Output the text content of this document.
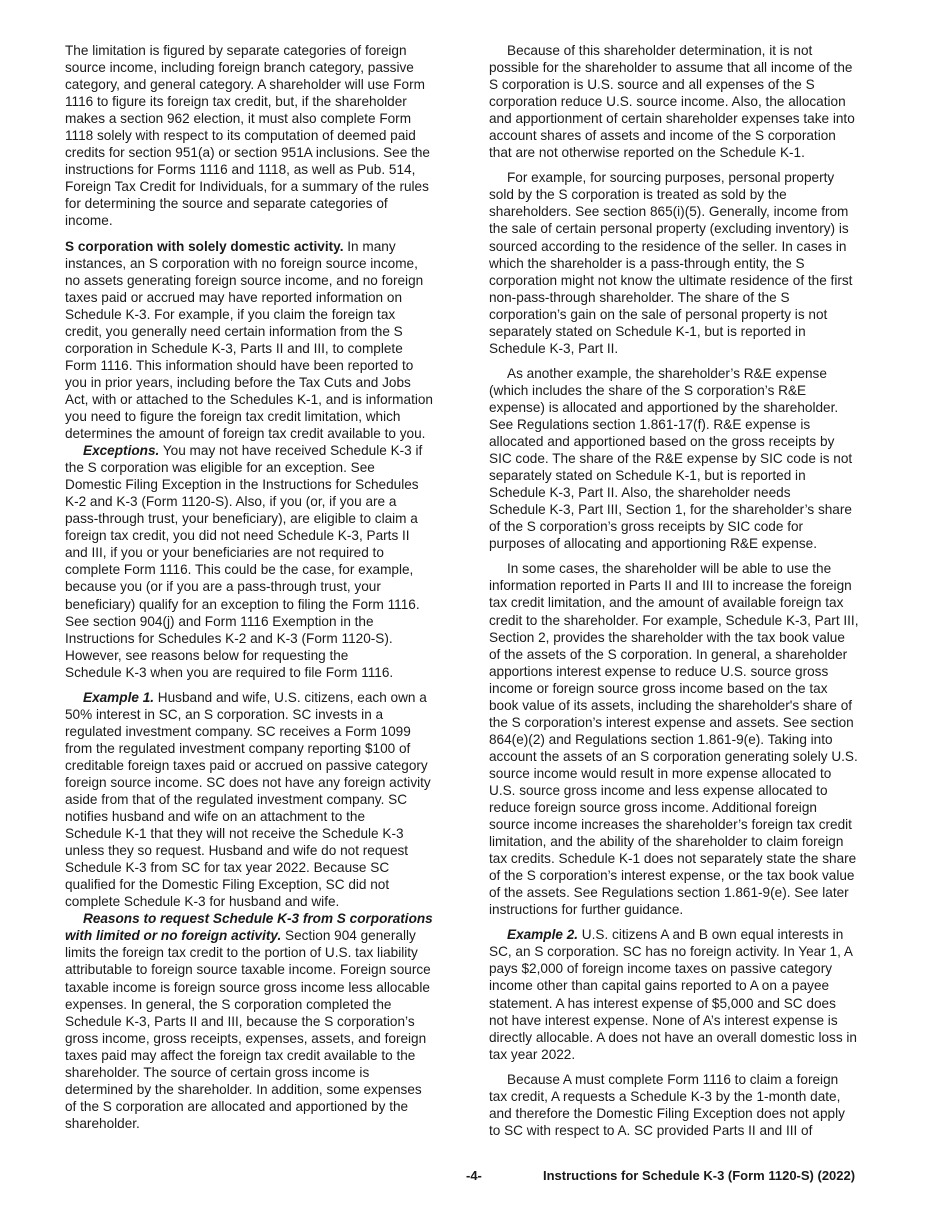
The limitation is figured by separate categories of foreign
source income, including foreign branch category, passive
category, and general category. A shareholder will use Form
1116 to figure its foreign tax credit, but, if the shareholder
makes a section 962 election, it must also complete Form
1118 solely with respect to its computation of deemed paid
credits for section 951(a) or section 951A inclusions. See the
instructions for Forms 1116 and 1118, as well as Pub. 514,
Foreign Tax Credit for Individuals, for a summary of the rules
for determining the source and separate categories of
income.

S corporation with solely domestic activity. In many
instances, an S corporation with no foreign source income,
no assets generating foreign source income, and no foreign
taxes paid or accrued may have reported information on
Schedule K-3. For example, if you claim the foreign tax
credit, you generally need certain information from the S
corporation in Schedule K-3, Parts II and III, to complete
Form 1116. This information should have been reported to
you in prior years, including before the Tax Cuts and Jobs
Act, with or attached to the Schedules K-1, and is information
you need to figure the foreign tax credit limitation, which
determines the amount of foreign tax credit available to you.

Exceptions. You may not have received Schedule K-3 if
the S corporation was eligible for an exception. See
Domestic Filing Exception in the Instructions for Schedules
K-2 and K-3 (Form 1120-S). Also, if you (or, if you are a
pass-through trust, your beneficiary), are eligible to claim a
foreign tax credit, you did not need Schedule K-3, Parts II
and III, if you or your beneficiaries are not required to
complete Form 1116. This could be the case, for example,
because you (or if you are a pass-through trust, your
beneficiary) qualify for an exception to filing the Form 1116.
See section 904(j) and Form 1116 Exemption in the
Instructions for Schedules K-2 and K-3 (Form 1120-S).
However, see reasons below for requesting the
Schedule K-3 when you are required to file Form 1116.

Example 1. Husband and wife, U.S. citizens, each own a
50% interest in SC, an S corporation. SC invests in a
regulated investment company. SC receives a Form 1099
from the regulated investment company reporting $100 of
creditable foreign taxes paid or accrued on passive category
foreign source income. SC does not have any foreign activity
aside from that of the regulated investment company. SC
notifies husband and wife on an attachment to the
Schedule K-1 that they will not receive the Schedule K-3
unless they so request. Husband and wife do not request
Schedule K-3 from SC for tax year 2022. Because SC
qualified for the Domestic Filing Exception, SC did not
complete Schedule K-3 for husband and wife.

Reasons to request Schedule K-3 from S corporations
with limited or no foreign activity. Section 904 generally
limits the foreign tax credit to the portion of U.S. tax liability
attributable to foreign source taxable income. Foreign source
taxable income is foreign source gross income less allocable
expenses. In general, the S corporation completed the
Schedule K-3, Parts II and III, because the S corporation’s
gross income, gross receipts, expenses, assets, and foreign
taxes paid may affect the foreign tax credit available to the
shareholder. The source of certain gross income is
determined by the shareholder. In addition, some expenses
of the S corporation are allocated and apportioned by the
shareholder.

Because of this shareholder determination, it is not
possible for the shareholder to assume that all income of the
S corporation is U.S. source and all expenses of the S
corporation reduce U.S. source income. Also, the allocation
and apportionment of certain shareholder expenses take into
account shares of assets and income of the S corporation
that are not otherwise reported on the Schedule K-1.

For example, for sourcing purposes, personal property
sold by the S corporation is treated as sold by the
shareholders. See section 865(i)(5). Generally, income from
the sale of certain personal property (excluding inventory) is
sourced according to the residence of the seller. In cases in
which the shareholder is a pass-through entity, the S
corporation might not know the ultimate residence of the first
non-pass-through shareholder. The share of the S
corporation’s gain on the sale of personal property is not
separately stated on Schedule K-1, but is reported in
Schedule K-3, Part II.

As another example, the shareholder’s R&E expense
(which includes the share of the S corporation’s R&E
expense) is allocated and apportioned by the shareholder.
See Regulations section 1.861-17(f). R&E expense is
allocated and apportioned based on the gross receipts by
SIC code. The share of the R&E expense by SIC code is not
separately stated on Schedule K-1, but is reported in
Schedule K-3, Part II. Also, the shareholder needs
Schedule K-3, Part III, Section 1, for the shareholder’s share
of the S corporation’s gross receipts by SIC code for
purposes of allocating and apportioning R&E expense.

In some cases, the shareholder will be able to use the
information reported in Parts II and III to increase the foreign
tax credit limitation, and the amount of available foreign tax
credit to the shareholder. For example, Schedule K-3, Part III,
Section 2, provides the shareholder with the tax book value
of the assets of the S corporation. In general, a shareholder
apportions interest expense to reduce U.S. source gross
income or foreign source gross income based on the tax
book value of its assets, including the shareholder's share of
the S corporation’s interest expense and assets. See section
864(e)(2) and Regulations section 1.861-9(e). Taking into
account the assets of an S corporation generating solely U.S.
source income would result in more expense allocated to
U.S. source gross income and less expense allocated to
reduce foreign source gross income. Additional foreign
source income increases the shareholder’s foreign tax credit
limitation, and the ability of the shareholder to claim foreign
tax credits. Schedule K-1 does not separately state the share
of the S corporation’s interest expense, or the tax book value
of the assets. See Regulations section 1.861-9(e). See later
instructions for further guidance.

Example 2. U.S. citizens A and B own equal interests in
SC, an S corporation. SC has no foreign activity. In Year 1, A
pays $2,000 of foreign income taxes on passive category
income other than capital gains reported to A on a payee
statement. A has interest expense of $5,000 and SC does
not have interest expense. None of A’s interest expense is
directly allocable. A does not have an overall domestic loss in
tax year 2022.

Because A must complete Form 1116 to claim a foreign
tax credit, A requests a Schedule K-3 by the 1-month date,
and therefore the Domestic Filing Exception does not apply
to SC with respect to A. SC provided Parts II and III of

-4-	Instructions for Schedule K-3 (Form 1120-S) (2022)
